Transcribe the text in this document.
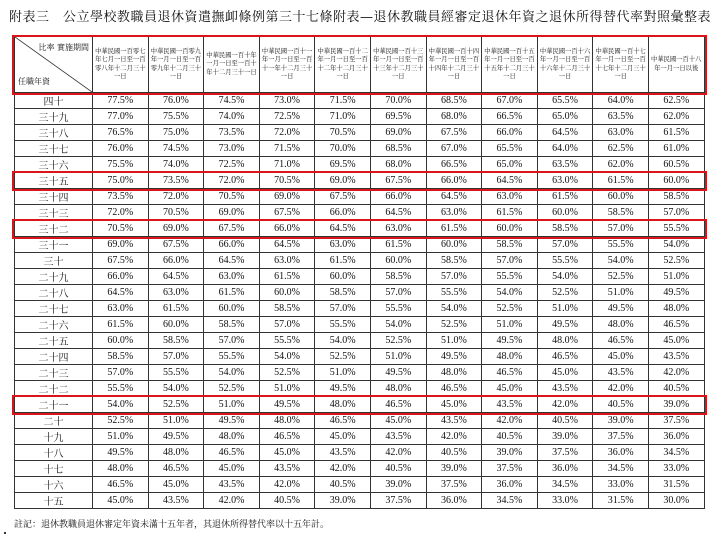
附表三　公立學校教職員退休資遣撫卹條例第三十七條附表—退休教職員經審定退休年資之退休所得替代率對照彙整表
比率 實施期間
任職年資	中華民國一百零七年七月一日至一百零八年十二月三十一日	中華民國一百零九年一月一日至一百零九年十二月三十一日	中華民國一百十年一月一日至一百十年十二月三十一日	中華民國一百十一年一月一日至一百十一年十二月三十一日	中華民國一百十二年一月一日至一百十二年十二月三十一日	中華民國一百十三年一月一日至一百十三年十二月三十一日	中華民國一百十四年一月一日至一百十四年十二月三十一日	中華民國一百十五年一月一日至一百十五年十二月三十一日	中華民國一百十六年一月一日至一百十六年十二月三十一日	中華民國一百十七年一月一日至一百十七年十二月三十一日	中華民國一百十八年一月一日以後
四十	77.5%	76.0%	74.5%	73.0%	71.5%	70.0%	68.5%	67.0%	65.5%	64.0%	62.5%
三十九	77.0%	75.5%	74.0%	72.5%	71.0%	69.5%	68.0%	66.5%	65.0%	63.5%	62.0%
三十八	76.5%	75.0%	73.5%	72.0%	70.5%	69.0%	67.5%	66.0%	64.5%	63.0%	61.5%
三十七	76.0%	74.5%	73.0%	71.5%	70.0%	68.5%	67.0%	65.5%	64.0%	62.5%	61.0%
三十六	75.5%	74.0%	72.5%	71.0%	69.5%	68.0%	66.5%	65.0%	63.5%	62.0%	60.5%
三十五	75.0%	73.5%	72.0%	70.5%	69.0%	67.5%	66.0%	64.5%	63.0%	61.5%	60.0%
三十四	73.5%	72.0%	70.5%	69.0%	67.5%	66.0%	64.5%	63.0%	61.5%	60.0%	58.5%
三十三	72.0%	70.5%	69.0%	67.5%	66.0%	64.5%	63.0%	61.5%	60.0%	58.5%	57.0%
三十二	70.5%	69.0%	67.5%	66.0%	64.5%	63.0%	61.5%	60.0%	58.5%	57.0%	55.5%
三十一	69.0%	67.5%	66.0%	64.5%	63.0%	61.5%	60.0%	58.5%	57.0%	55.5%	54.0%
三十	67.5%	66.0%	64.5%	63.0%	61.5%	60.0%	58.5%	57.0%	55.5%	54.0%	52.5%
二十九	66.0%	64.5%	63.0%	61.5%	60.0%	58.5%	57.0%	55.5%	54.0%	52.5%	51.0%
二十八	64.5%	63.0%	61.5%	60.0%	58.5%	57.0%	55.5%	54.0%	52.5%	51.0%	49.5%
二十七	63.0%	61.5%	60.0%	58.5%	57.0%	55.5%	54.0%	52.5%	51.0%	49.5%	48.0%
二十六	61.5%	60.0%	58.5%	57.0%	55.5%	54.0%	52.5%	51.0%	49.5%	48.0%	46.5%
二十五	60.0%	58.5%	57.0%	55.5%	54.0%	52.5%	51.0%	49.5%	48.0%	46.5%	45.0%
二十四	58.5%	57.0%	55.5%	54.0%	52.5%	51.0%	49.5%	48.0%	46.5%	45.0%	43.5%
二十三	57.0%	55.5%	54.0%	52.5%	51.0%	49.5%	48.0%	46.5%	45.0%	43.5%	42.0%
二十二	55.5%	54.0%	52.5%	51.0%	49.5%	48.0%	46.5%	45.0%	43.5%	42.0%	40.5%
二十一	54.0%	52.5%	51.0%	49.5%	48.0%	46.5%	45.0%	43.5%	42.0%	40.5%	39.0%
二十	52.5%	51.0%	49.5%	48.0%	46.5%	45.0%	43.5%	42.0%	40.5%	39.0%	37.5%
十九	51.0%	49.5%	48.0%	46.5%	45.0%	43.5%	42.0%	40.5%	39.0%	37.5%	36.0%
十八	49.5%	48.0%	46.5%	45.0%	43.5%	42.0%	40.5%	39.0%	37.5%	36.0%	34.5%
十七	48.0%	46.5%	45.0%	43.5%	42.0%	40.5%	39.0%	37.5%	36.0%	34.5%	33.0%
十六	46.5%	45.0%	43.5%	42.0%	40.5%	39.0%	37.5%	36.0%	34.5%	33.0%	31.5%
十五	45.0%	43.5%	42.0%	40.5%	39.0%	37.5%	36.0%	34.5%	33.0%	31.5%	30.0%
註記：退休教職員退休審定年資未滿十五年者，其退休所得替代率以十五年計。
